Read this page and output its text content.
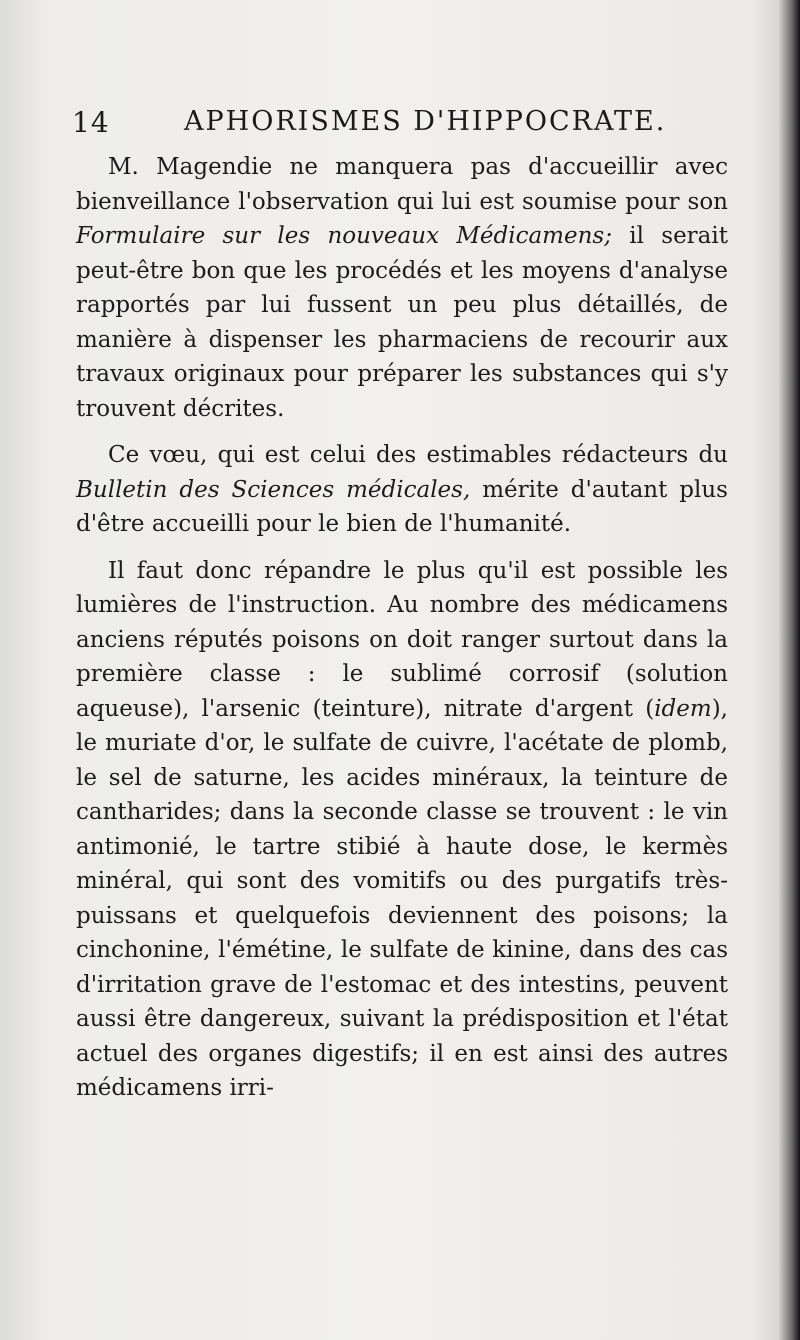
14	APHORISMES D'HIPPOCRATE.

M. Magendie ne manquera pas d'accueillir avec bienveillance l'observation qui lui est soumise pour son Formulaire sur les nouveaux Médicamens; il serait peut-être bon que les procédés et les moyens d'analyse rapportés par lui fussent un peu plus détaillés, de manière à dispenser les pharmaciens de recourir aux travaux originaux pour préparer les substances qui s'y trouvent décrites.

Ce vœu, qui est celui des estimables rédacteurs du Bulletin des Sciences médicales, mérite d'autant plus d'être accueilli pour le bien de l'humanité.

Il faut donc répandre le plus qu'il est possible les lumières de l'instruction. Au nombre des médicamens anciens réputés poisons on doit ranger surtout dans la première classe : le sublimé corrosif (solution aqueuse), l'arsenic (teinture), nitrate d'argent (idem), le muriate d'or, le sulfate de cuivre, l'acétate de plomb, le sel de saturne, les acides minéraux, la teinture de cantharides; dans la seconde classe se trouvent : le vin antimonié, le tartre stibié à haute dose, le kermès minéral, qui sont des vomitifs ou des purgatifs très-puissans et quelquefois deviennent des poisons; la cinchonine, l'émétine, le sulfate de kinine, dans des cas d'irritation grave de l'estomac et des intestins, peuvent aussi être dangereux, suivant la prédisposition et l'état actuel des organes digestifs; il en est ainsi des autres médicamens irri-
